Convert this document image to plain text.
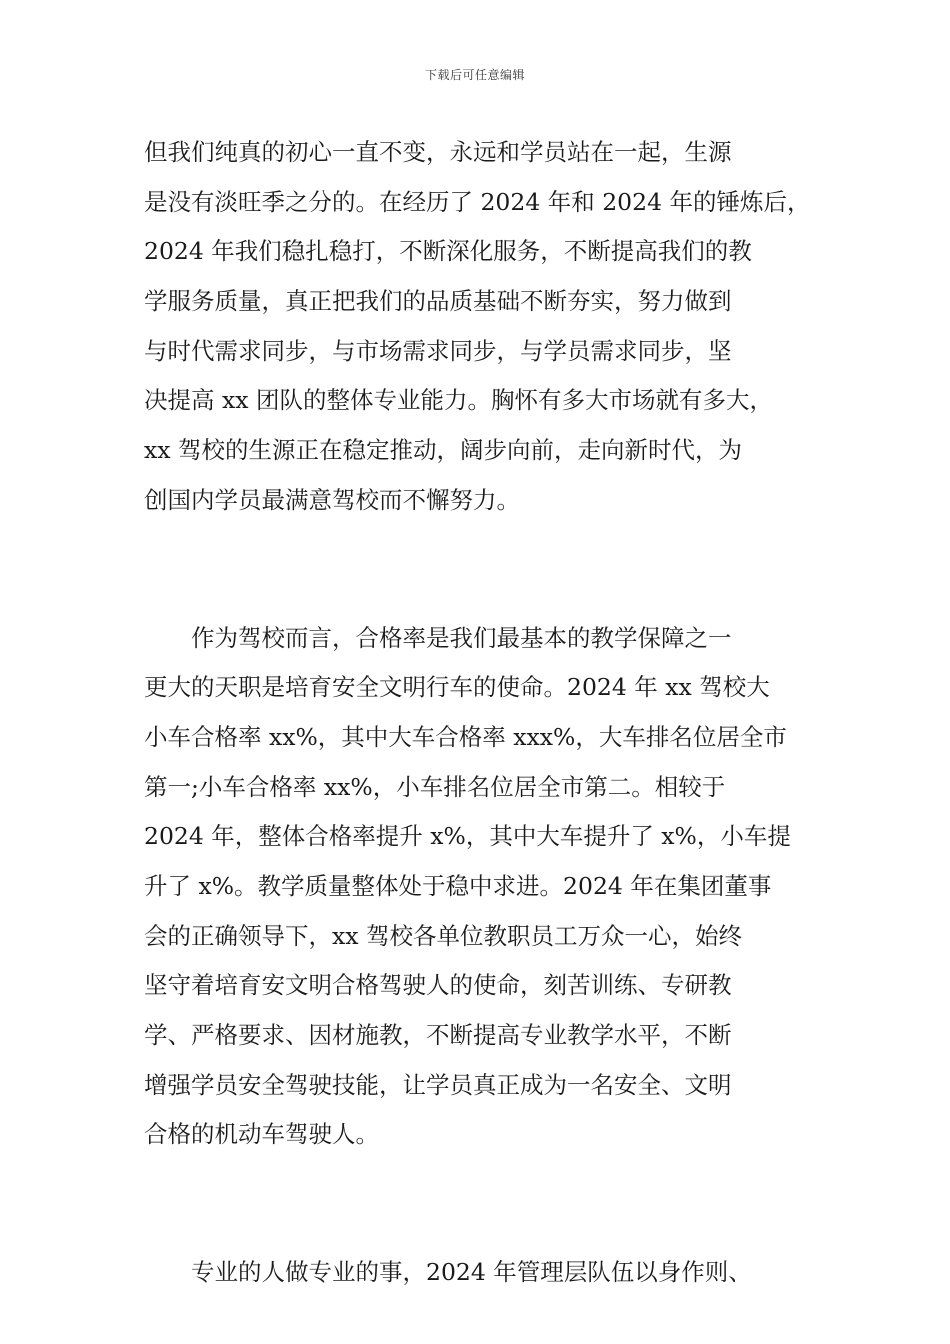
下载后可任意编辑
但我们纯真的初心一直不变，永远和学员站在一起，生源
是没有淡旺季之分的。在经历了 2024 年和 2024 年的锤炼后，
2024 年我们稳扎稳打，不断深化服务，不断提高我们的教
学服务质量，真正把我们的品质基础不断夯实，努力做到
与时代需求同步，与市场需求同步，与学员需求同步，坚
决提高 xx 团队的整体专业能力。胸怀有多大市场就有多大，
xx 驾校的生源正在稳定推动，阔步向前，走向新时代，为
创国内学员最满意驾校而不懈努力。
　　作为驾校而言，合格率是我们最基本的教学保障之一
更大的天职是培育安全文明行车的使命。2024 年 xx 驾校大
小车合格率 xx%，其中大车合格率 xxx%，大车排名位居全市
第一;小车合格率 xx%，小车排名位居全市第二。相较于
2024 年，整体合格率提升 x%，其中大车提升了 x%，小车提
升了 x%。教学质量整体处于稳中求进。2024 年在集团董事
会的正确领导下，xx 驾校各单位教职员工万众一心，始终
坚守着培育安文明合格驾驶人的使命，刻苦训练、专研教
学、严格要求、因材施教，不断提高专业教学水平，不断
增强学员安全驾驶技能，让学员真正成为一名安全、文明
合格的机动车驾驶人。
　　专业的人做专业的事，2024 年管理层队伍以身作则、
